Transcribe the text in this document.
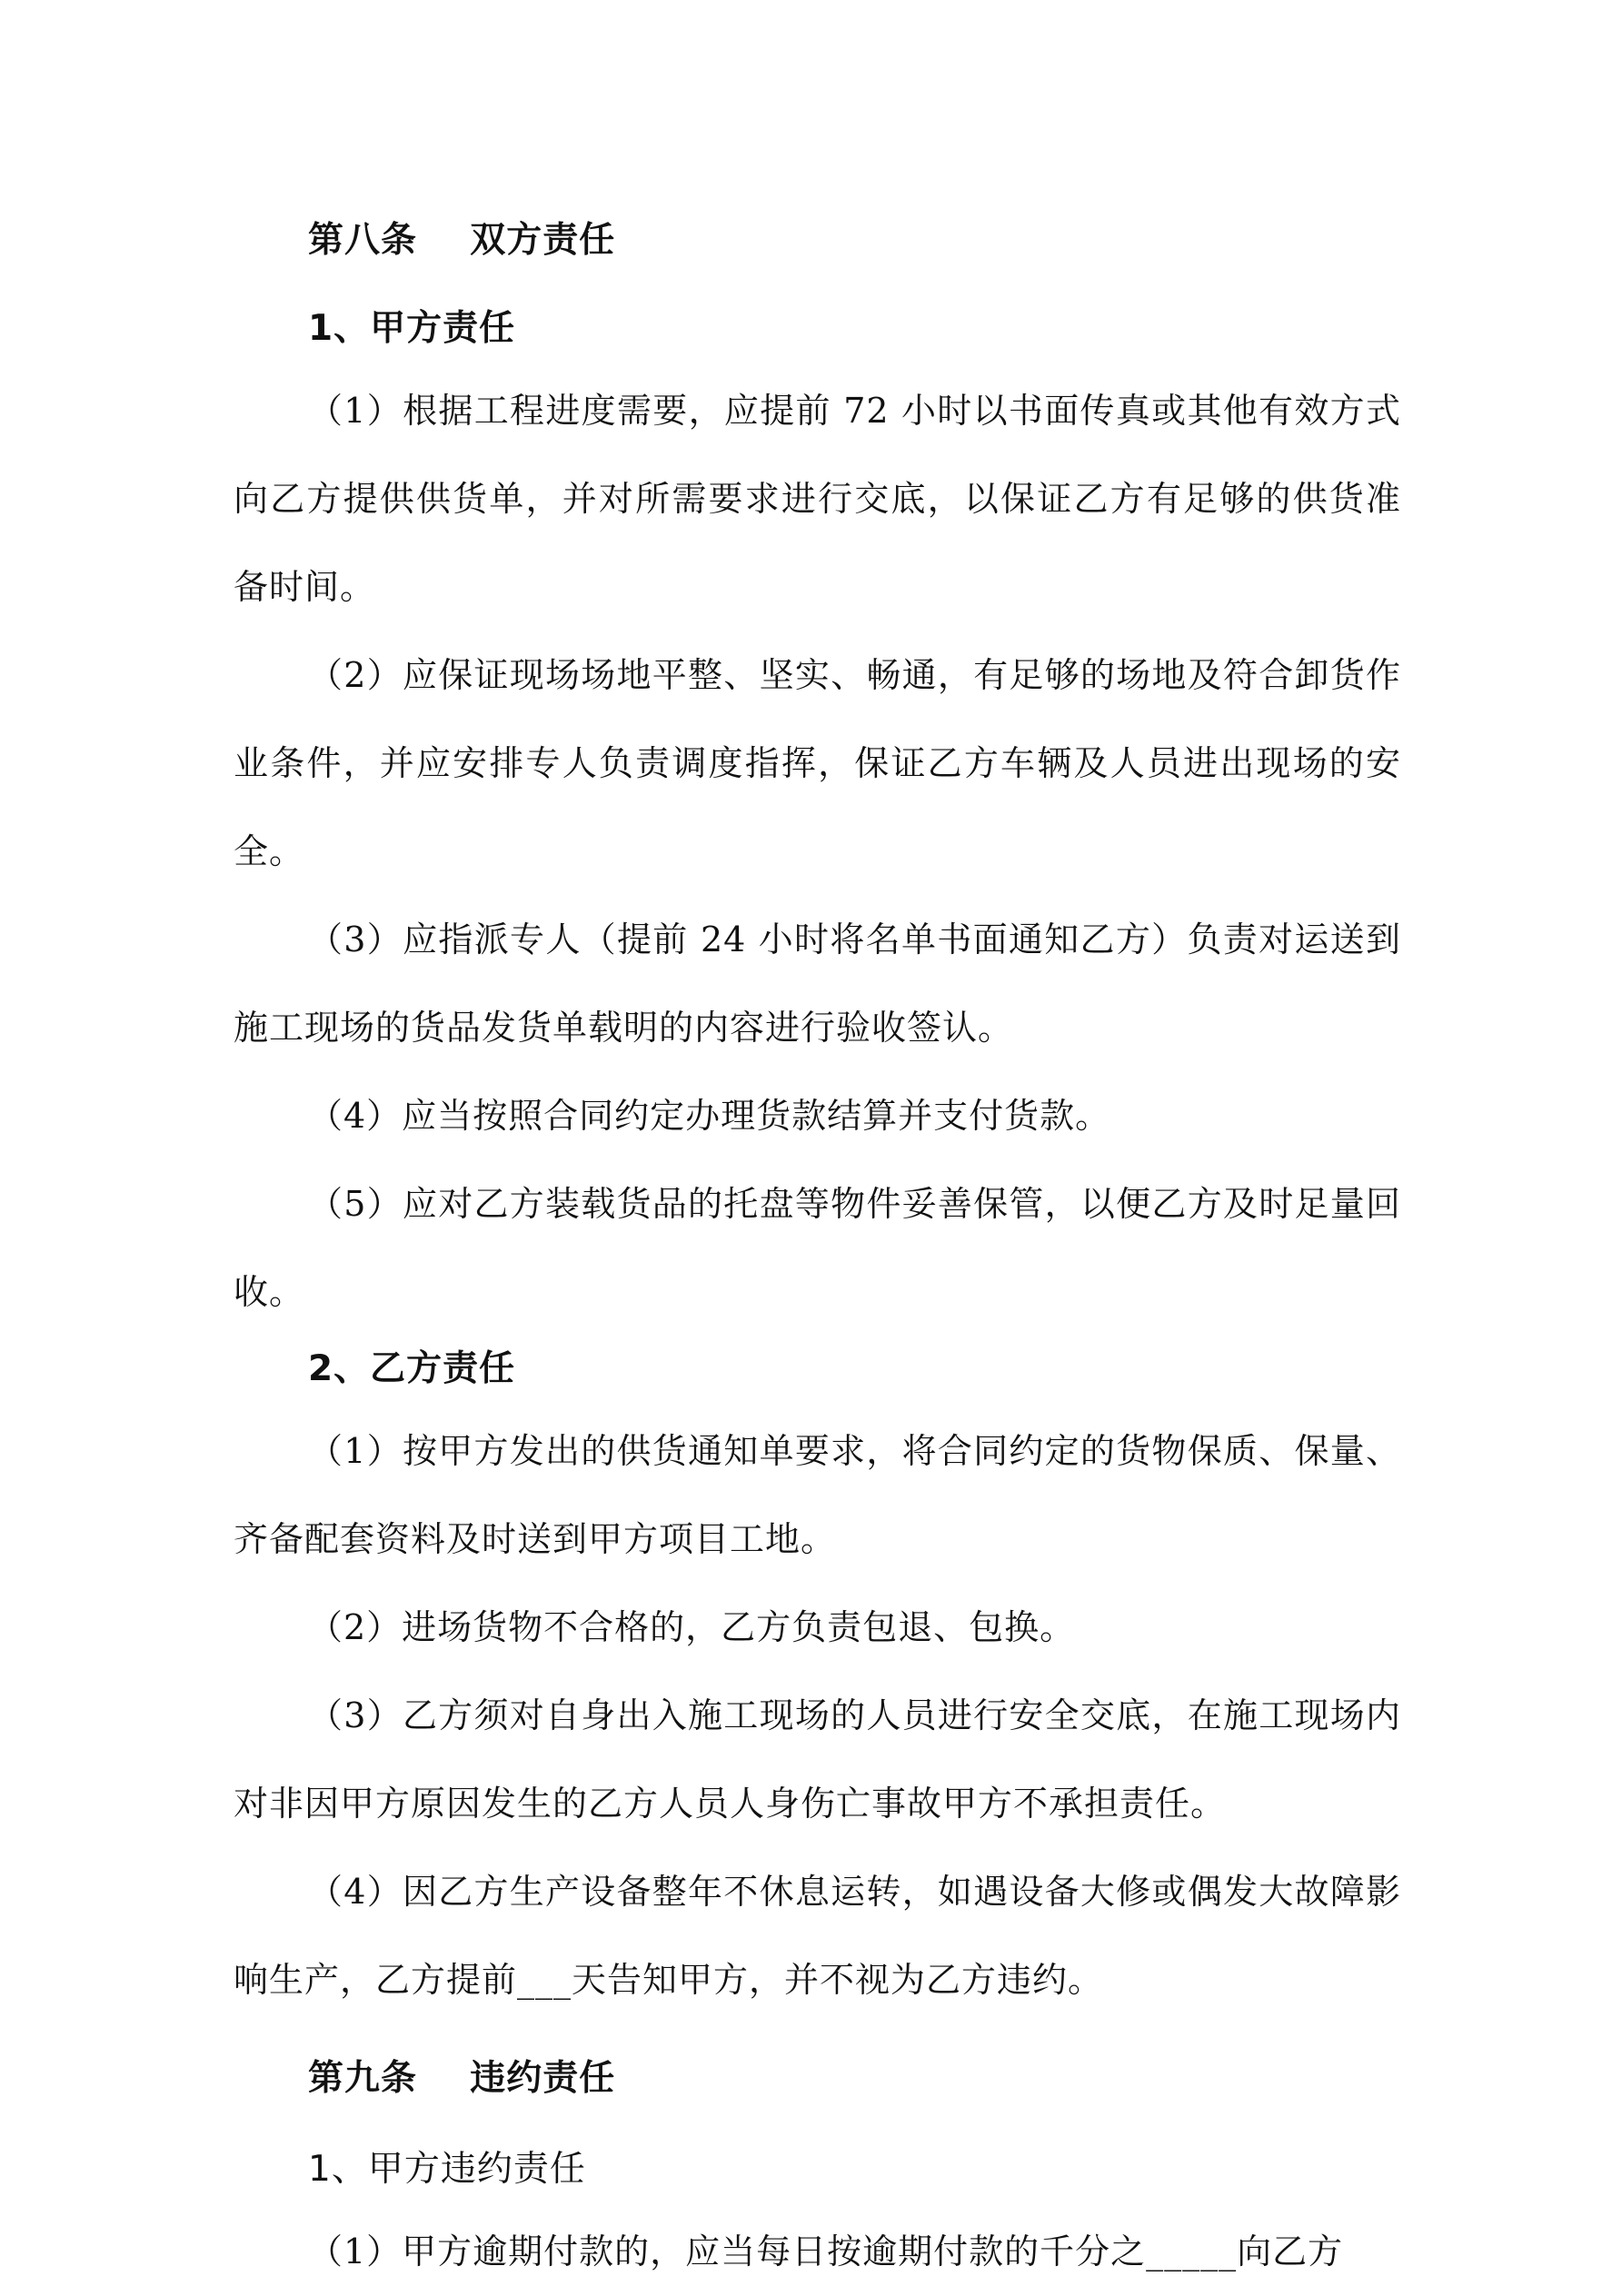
第八条    双方责任

1、甲方责任

（1）根据工程进度需要，应提前 72 小时以书面传真或其他有效方式向乙方提供供货单，并对所需要求进行交底，以保证乙方有足够的供货准备时间。

（2）应保证现场场地平整、坚实、畅通，有足够的场地及符合卸货作业条件，并应安排专人负责调度指挥，保证乙方车辆及人员进出现场的安全。

（3）应指派专人（提前 24 小时将名单书面通知乙方）负责对运送到施工现场的货品发货单载明的内容进行验收签认。

（4）应当按照合同约定办理货款结算并支付货款。

（5）应对乙方装载货品的托盘等物件妥善保管，以便乙方及时足量回收。

2、乙方责任

（1）按甲方发出的供货通知单要求，将合同约定的货物保质、保量、齐备配套资料及时送到甲方项目工地。

（2）进场货物不合格的，乙方负责包退、包换。

（3）乙方须对自身出入施工现场的人员进行安全交底，在施工现场内对非因甲方原因发生的乙方人员人身伤亡事故甲方不承担责任。

（4）因乙方生产设备整年不休息运转，如遇设备大修或偶发大故障影响生产，乙方提前___天告知甲方，并不视为乙方违约。

第九条    违约责任

1、甲方违约责任

（1）甲方逾期付款的，应当每日按逾期付款的千分之_____向乙方
